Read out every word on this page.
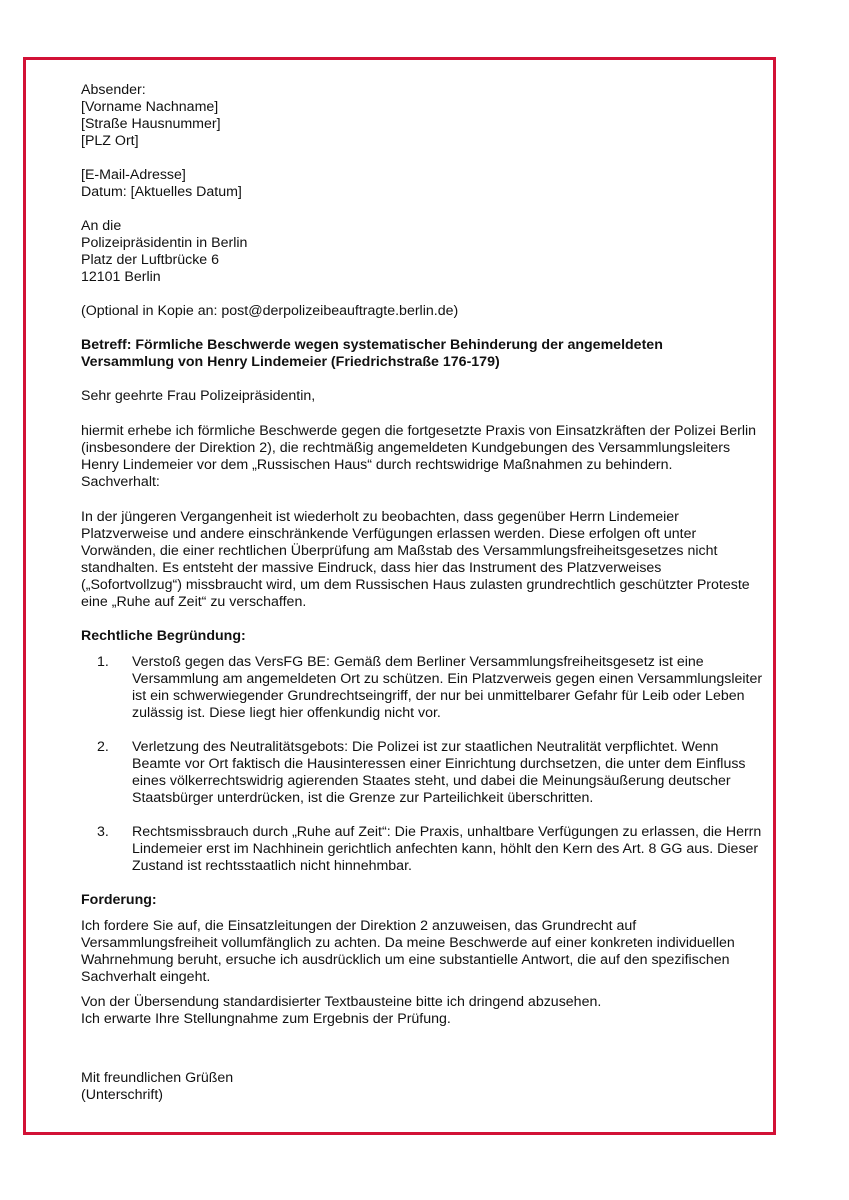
Absender:
[Vorname Nachname]
[Straße Hausnummer]
[PLZ Ort]
[E-Mail-Adresse]
Datum: [Aktuelles Datum]
An die
Polizeipräsidentin in Berlin
Platz der Luftbrücke 6
12101 Berlin
(Optional in Kopie an: post@derpolizeibeauftragte.berlin.de)
Betreff: Förmliche Beschwerde wegen systematischer Behinderung der angemeldeten
Versammlung von Henry Lindemeier (Friedrichstraße 176-179)
Sehr geehrte Frau Polizeipräsidentin,
hiermit erhebe ich förmliche Beschwerde gegen die fortgesetzte Praxis von Einsatzkräften der Polizei Berlin
(insbesondere der Direktion 2), die rechtmäßig angemeldeten Kundgebungen des Versammlungsleiters
Henry Lindemeier vor dem „Russischen Haus“ durch rechtswidrige Maßnahmen zu behindern.
Sachverhalt:
In der jüngeren Vergangenheit ist wiederholt zu beobachten, dass gegenüber Herrn Lindemeier
Platzverweise und andere einschränkende Verfügungen erlassen werden. Diese erfolgen oft unter
Vorwänden, die einer rechtlichen Überprüfung am Maßstab des Versammlungsfreiheitsgesetzes nicht
standhalten. Es entsteht der massive Eindruck, dass hier das Instrument des Platzverweises
(„Sofortvollzug“) missbraucht wird, um dem Russischen Haus zulasten grundrechtlich geschützter Proteste
eine „Ruhe auf Zeit“ zu verschaffen.
Rechtliche Begründung:
1. Verstoß gegen das VersFG BE: Gemäß dem Berliner Versammlungsfreiheitsgesetz ist eine
Versammlung am angemeldeten Ort zu schützen. Ein Platzverweis gegen einen Versammlungsleiter
ist ein schwerwiegender Grundrechtseingriff, der nur bei unmittelbarer Gefahr für Leib oder Leben
zulässig ist. Diese liegt hier offenkundig nicht vor.
2. Verletzung des Neutralitätsgebots: Die Polizei ist zur staatlichen Neutralität verpflichtet. Wenn
Beamte vor Ort faktisch die Hausinteressen einer Einrichtung durchsetzen, die unter dem Einfluss
eines völkerrechtswidrig agierenden Staates steht, und dabei die Meinungsäußerung deutscher
Staatsbürger unterdrücken, ist die Grenze zur Parteilichkeit überschritten.
3. Rechtsmissbrauch durch „Ruhe auf Zeit“: Die Praxis, unhaltbare Verfügungen zu erlassen, die Herrn
Lindemeier erst im Nachhinein gerichtlich anfechten kann, höhlt den Kern des Art. 8 GG aus. Dieser
Zustand ist rechtsstaatlich nicht hinnehmbar.
Forderung:
Ich fordere Sie auf, die Einsatzleitungen der Direktion 2 anzuweisen, das Grundrecht auf
Versammlungsfreiheit vollumfänglich zu achten. Da meine Beschwerde auf einer konkreten individuellen
Wahrnehmung beruht, ersuche ich ausdrücklich um eine substantielle Antwort, die auf den spezifischen
Sachverhalt eingeht.
Von der Übersendung standardisierter Textbausteine bitte ich dringend abzusehen.
Ich erwarte Ihre Stellungnahme zum Ergebnis der Prüfung.
Mit freundlichen Grüßen
(Unterschrift)
